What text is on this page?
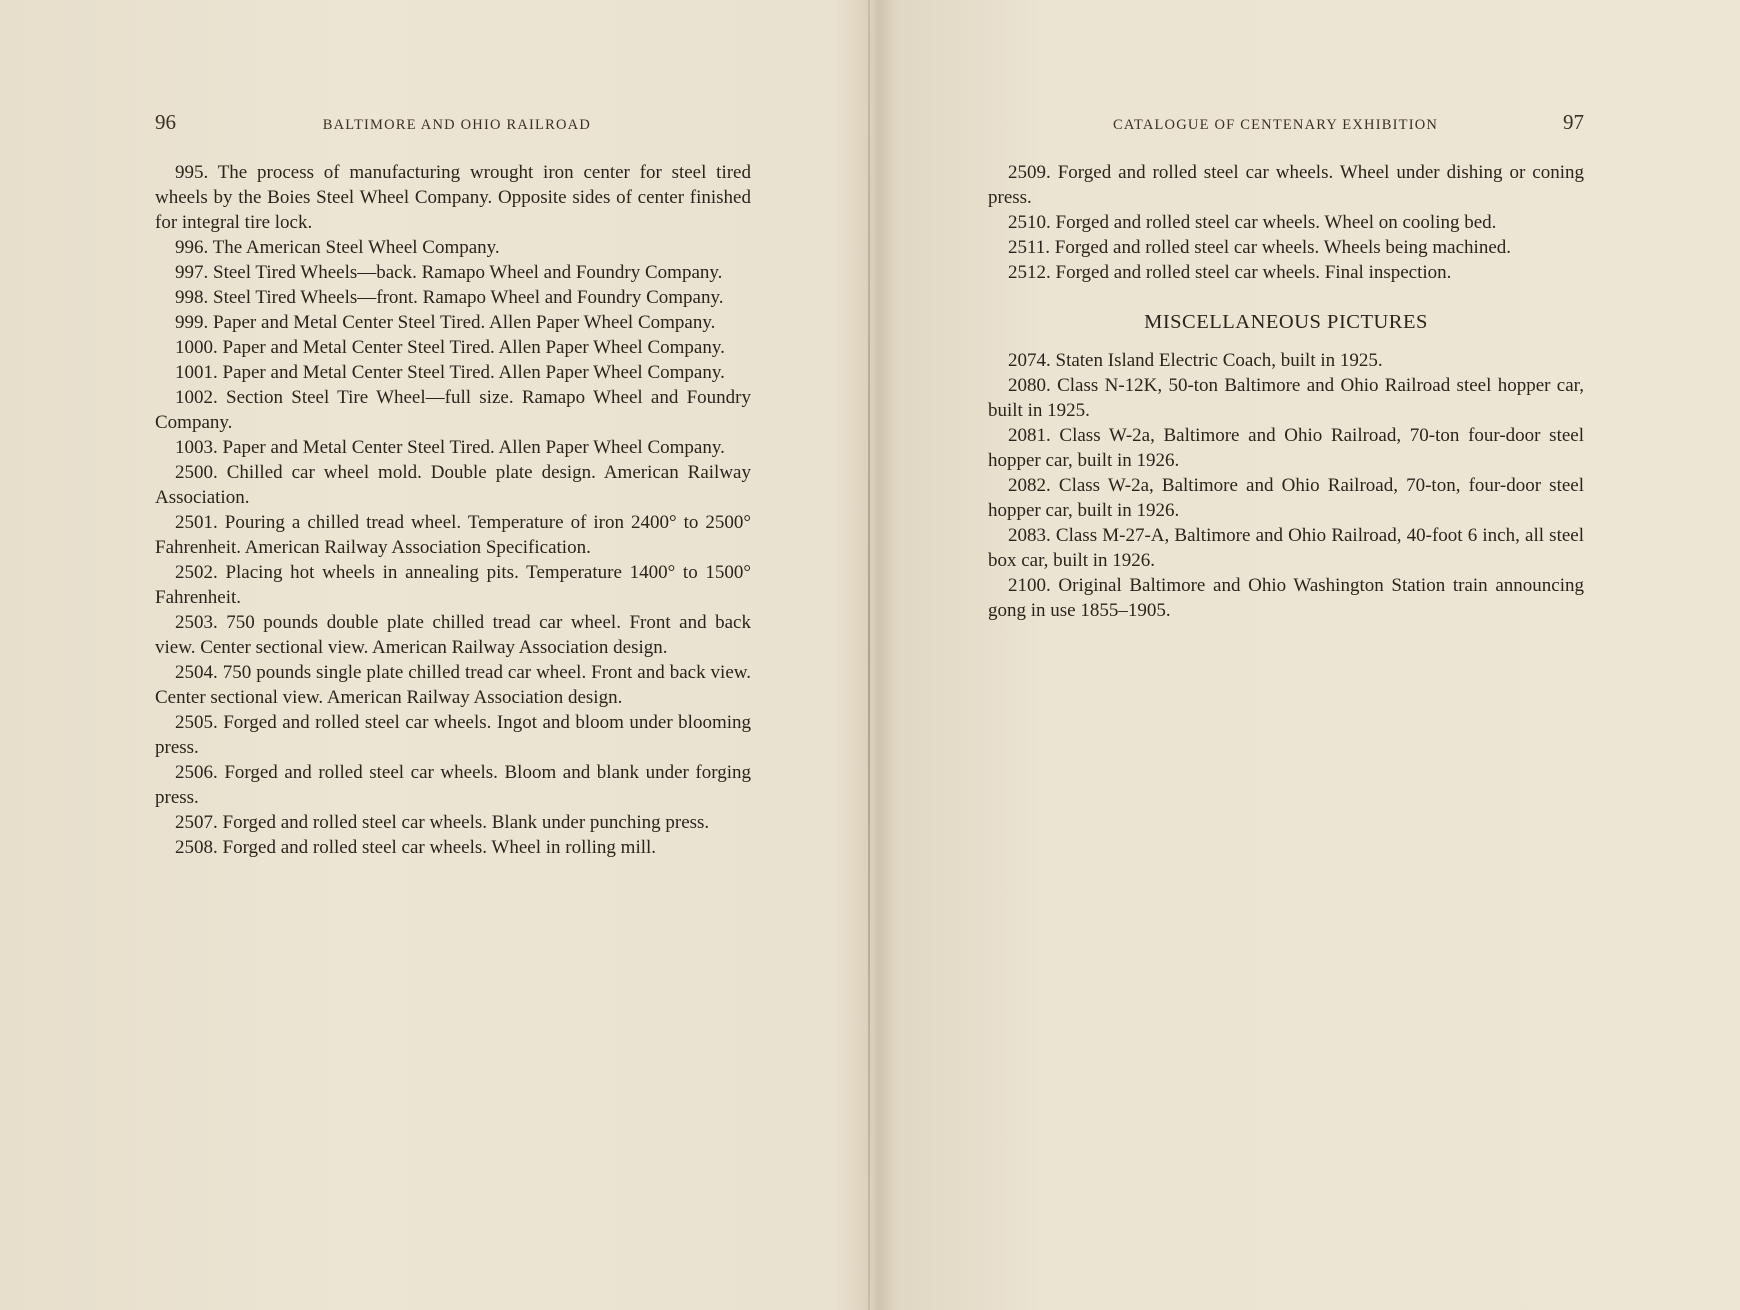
96	BALTIMORE AND OHIO RAILROAD

995. The process of manufacturing wrought iron center for steel tired wheels by the Boies Steel Wheel Company. Opposite sides of center finished for integral tire lock.

996. The American Steel Wheel Company.

997. Steel Tired Wheels—back. Ramapo Wheel and Foundry Company.

998. Steel Tired Wheels—front. Ramapo Wheel and Foundry Company.

999. Paper and Metal Center Steel Tired. Allen Paper Wheel Company.

1000. Paper and Metal Center Steel Tired. Allen Paper Wheel Company.

1001. Paper and Metal Center Steel Tired. Allen Paper Wheel Company.

1002. Section Steel Tire Wheel—full size. Ramapo Wheel and Foundry Company.

1003. Paper and Metal Center Steel Tired. Allen Paper Wheel Company.

2500. Chilled car wheel mold. Double plate design. American Railway Association.

2501. Pouring a chilled tread wheel. Temperature of iron 2400° to 2500° Fahrenheit. American Railway Association Specification.

2502. Placing hot wheels in annealing pits. Temperature 1400° to 1500° Fahrenheit.

2503. 750 pounds double plate chilled tread car wheel. Front and back view. Center sectional view. American Railway Association design.

2504. 750 pounds single plate chilled tread car wheel. Front and back view. Center sectional view. American Railway Association design.

2505. Forged and rolled steel car wheels. Ingot and bloom under blooming press.

2506. Forged and rolled steel car wheels. Bloom and blank under forging press.

2507. Forged and rolled steel car wheels. Blank under punching press.

2508. Forged and rolled steel car wheels. Wheel in rolling mill.

CATALOGUE OF CENTENARY EXHIBITION	97

2509. Forged and rolled steel car wheels. Wheel under dishing or coning press.

2510. Forged and rolled steel car wheels. Wheel on cooling bed.

2511. Forged and rolled steel car wheels. Wheels being machined.

2512. Forged and rolled steel car wheels. Final inspection.

MISCELLANEOUS PICTURES

2074. Staten Island Electric Coach, built in 1925.

2080. Class N-12K, 50-ton Baltimore and Ohio Railroad steel hopper car, built in 1925.

2081. Class W-2a, Baltimore and Ohio Railroad, 70-ton four-door steel hopper car, built in 1926.

2082. Class W-2a, Baltimore and Ohio Railroad, 70-ton, four-door steel hopper car, built in 1926.

2083. Class M-27-A, Baltimore and Ohio Railroad, 40-foot 6 inch, all steel box car, built in 1926.

2100. Original Baltimore and Ohio Washington Station train announcing gong in use 1855–1905.
